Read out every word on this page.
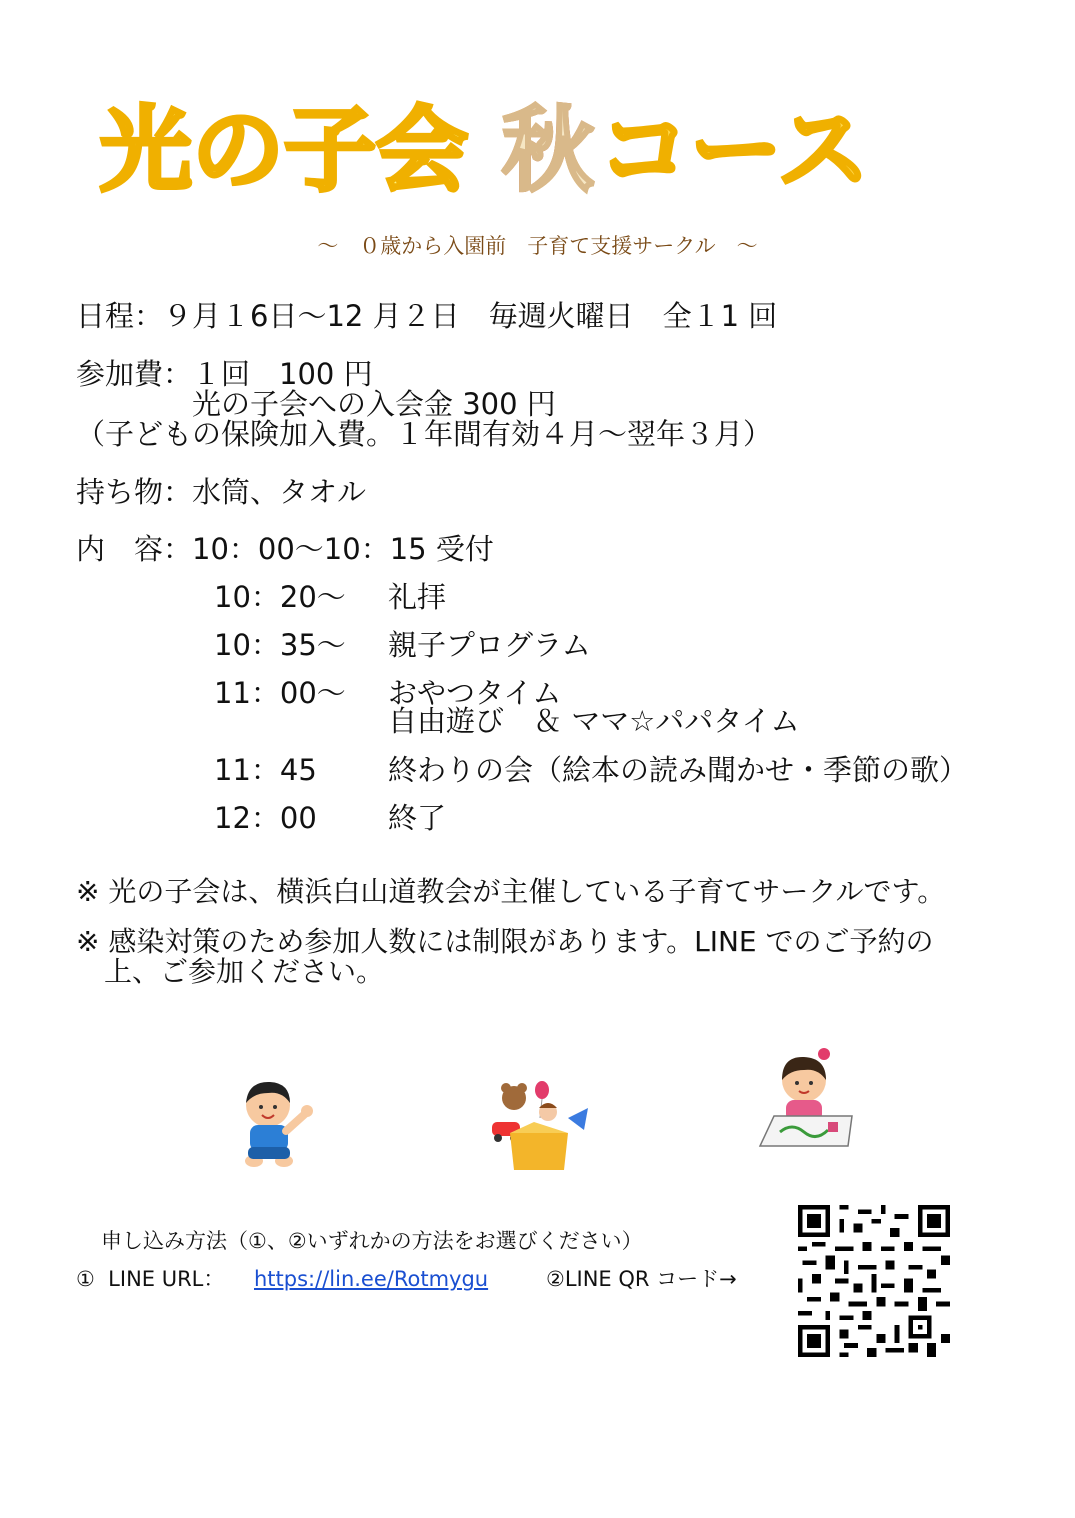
光の子会 秋コース
～　０歳から入園前　子育て支援サークル　～
日程：９月１6日～12 月２日　毎週火曜日　全１1 回
参加費：１回　100 円
光の子会への入会金 300 円
（子どもの保険加入費。１年間有効４月～翌年３月）
持ち物：水筒、タオル
内　容：10：00～10：15 受付
10：20～ 礼拝
10：35～ 親子プログラム
11：00～ おやつタイム
自由遊び　＆ ママ☆パパタイム
11：45 終わりの会（絵本の読み聞かせ・季節の歌）
12：00 終了
※ 光の子会は、横浜白山道教会が主催している子育てサークルです。
※ 感染対策のため参加人数には制限があります。LINE でのご予約の
　上、ご参加ください。
申し込み方法（①、②いずれかの方法をお選びください）
①  LINE URL： https://lin.ee/Rotmygu	②LINE QR コード→
